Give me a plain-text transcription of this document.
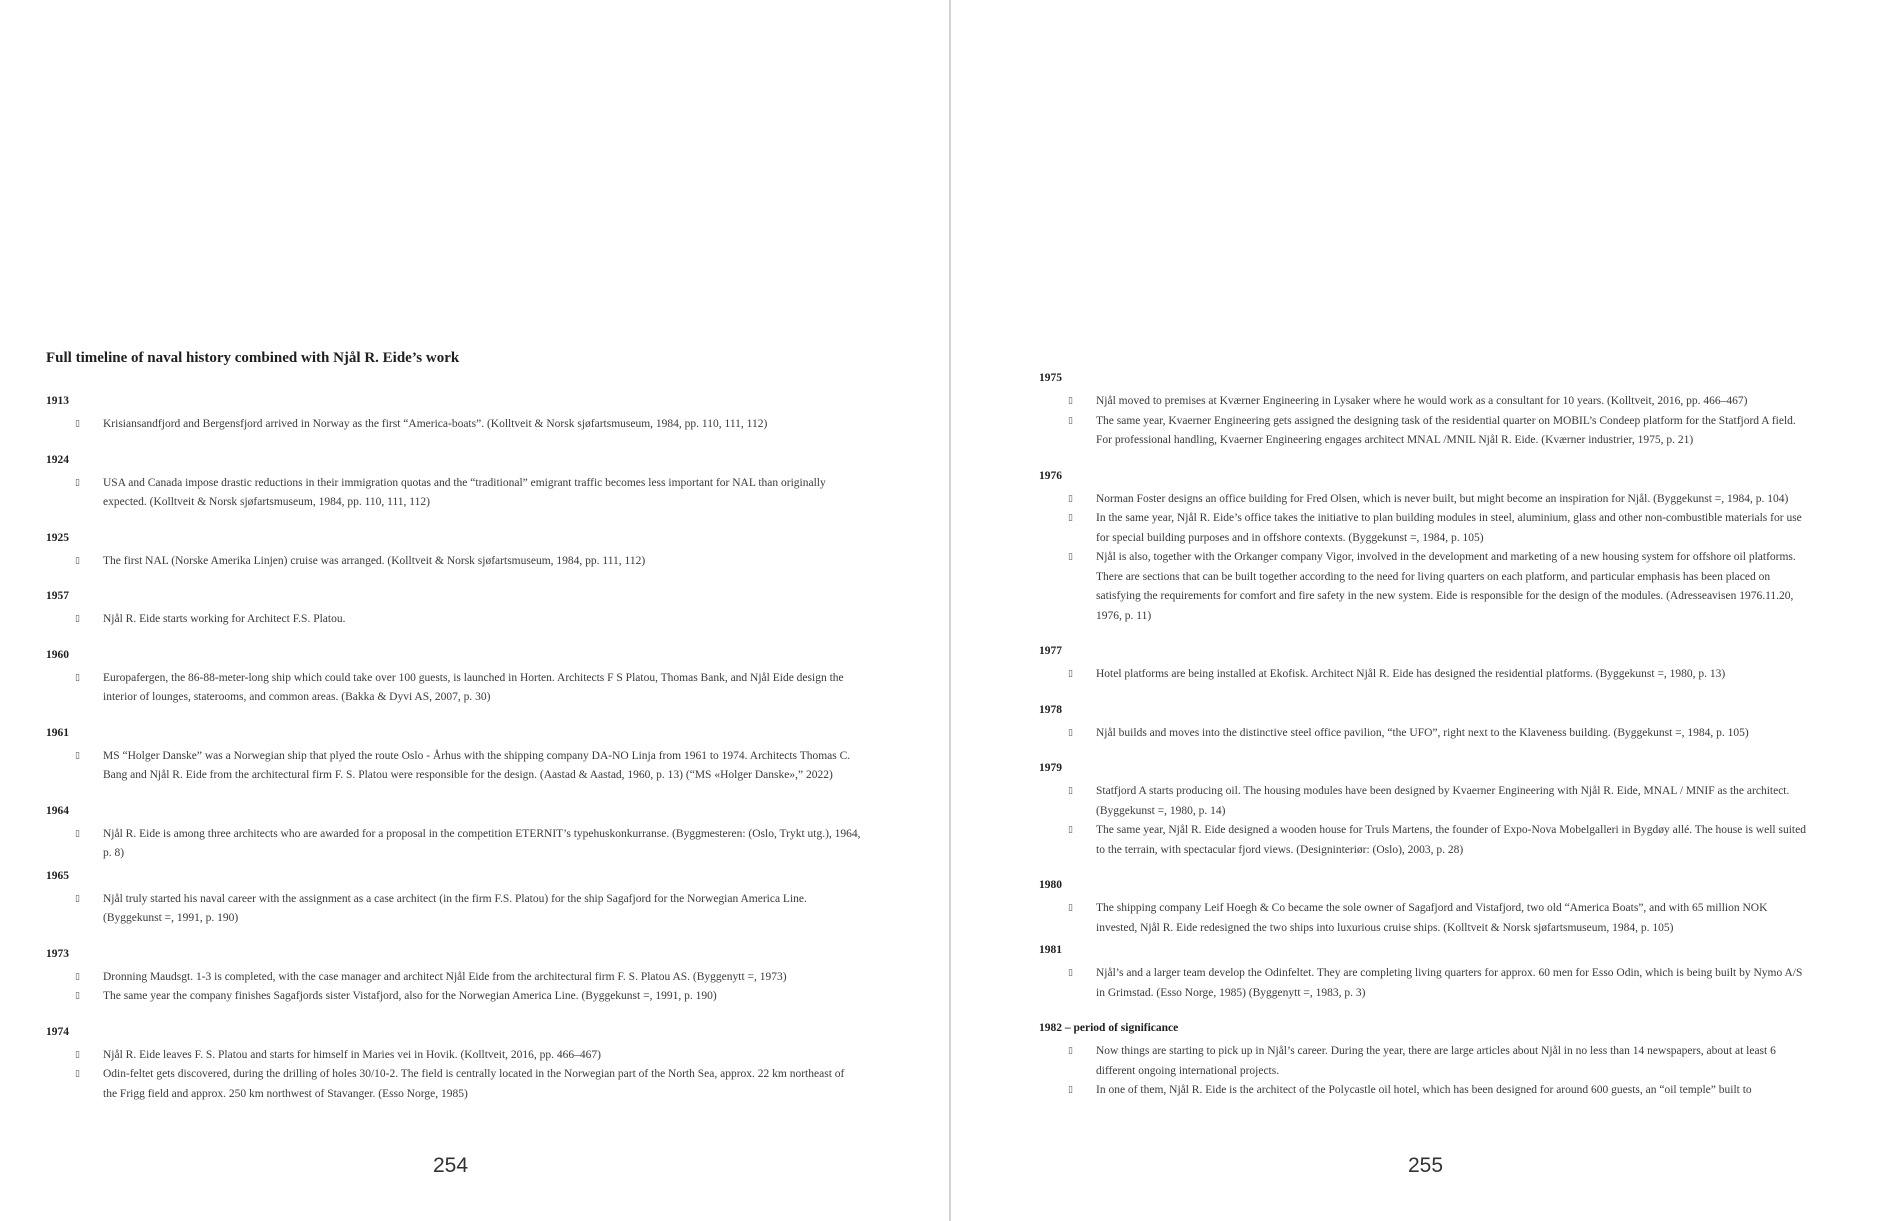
Full timeline of naval history combined with Njål R. Eide’s work
1913
▯	Krisiansandfjord and Bergensfjord arrived in Norway as the first “America-boats”. (Kolltveit & Norsk sjøfartsmuseum, 1984, pp. 110, 111, 112)
1924
▯	USA and Canada impose drastic reductions in their immigration quotas and the “traditional” emigrant traffic becomes less important for NAL than originally expected. (Kolltveit & Norsk sjøfartsmuseum, 1984, pp. 110, 111, 112)
1925
▯	The first NAL (Norske Amerika Linjen) cruise was arranged. (Kolltveit & Norsk sjøfartsmuseum, 1984, pp. 111, 112)
1957
▯	Njål R. Eide starts working for Architect F.S. Platou.
1960
▯	Europafergen, the 86-88-meter-long ship which could take over 100 guests, is launched in Horten. Architects F S Platou, Thomas Bank, and Njål Eide design the interior of lounges, staterooms, and common areas. (Bakka & Dyvi AS, 2007, p. 30)
1961
▯	MS “Holger Danske” was a Norwegian ship that plyed the route Oslo - Århus with the shipping company DA-NO Linja from 1961 to 1974. Architects Thomas C. Bang and Njål R. Eide from the architectural firm F. S. Platou were responsible for the design. (Aastad & Aastad, 1960, p. 13) (“MS «Holger Danske»,” 2022)
1964
▯	Njål R. Eide is among three architects who are awarded for a proposal in the competition ETERNIT’s typehuskonkurranse. (Byggmesteren: (Oslo, Trykt utg.), 1964, p. 8)
1965
▯	Njål truly started his naval career with the assignment as a case architect (in the firm F.S. Platou) for the ship Sagafjord for the Norwegian America Line. (Byggekunst =, 1991, p. 190)
1973
▯	Dronning Maudsgt. 1-3 is completed, with the case manager and architect Njål Eide from the architectural firm F. S. Platou AS. (Byggenytt =, 1973)
▯	The same year the company finishes Sagafjords sister Vistafjord, also for the Norwegian America Line. (Byggekunst =, 1991, p. 190)
1974
▯	Njål R. Eide leaves F. S. Platou and starts for himself in Maries vei in Hovik. (Kolltveit, 2016, pp. 466–467)
▯	Odin-feltet gets discovered, during the drilling of holes 30/10-2. The field is centrally located in the Norwegian part of the North Sea, approx. 22 km northeast of the Frigg field and approx. 250 km northwest of Stavanger. (Esso Norge, 1985)
254
1975
▯	Njål moved to premises at Kværner Engineering in Lysaker where he would work as a consultant for 10 years. (Kolltveit, 2016, pp. 466–467)
▯	The same year, Kvaerner Engineering gets assigned the designing task of the residential quarter on MOBIL’s Condeep platform for the Statfjord A field. For professional handling, Kvaerner Engineering engages architect MNAL /MNIL Njål R. Eide. (Kværner industrier, 1975, p. 21)
1976
▯	Norman Foster designs an office building for Fred Olsen, which is never built, but might become an inspiration for Njål. (Byggekunst =, 1984, p. 104)
▯	In the same year, Njål R. Eide’s office takes the initiative to plan building modules in steel, aluminium, glass and other non-combustible materials for use for special building purposes and in offshore contexts. (Byggekunst =, 1984, p. 105)
▯	Njål is also, together with the Orkanger company Vigor, involved in the development and marketing of a new housing system for offshore oil platforms. There are sections that can be built together according to the need for living quarters on each platform, and particular emphasis has been placed on satisfying the requirements for comfort and fire safety in the new system. Eide is responsible for the design of the modules. (Adresseavisen 1976.11.20, 1976, p. 11)
1977
▯	Hotel platforms are being installed at Ekofisk. Architect Njål R. Eide has designed the residential platforms. (Byggekunst =, 1980, p. 13)
1978
▯	Njål builds and moves into the distinctive steel office pavilion, “the UFO”, right next to the Klaveness building. (Byggekunst =, 1984, p. 105)
1979
▯	Statfjord A starts producing oil. The housing modules have been designed by Kvaerner Engineering with Njål R. Eide, MNAL / MNIF as the architect. (Byggekunst =, 1980, p. 14)
▯	The same year, Njål R. Eide designed a wooden house for Truls Martens, the founder of Expo-Nova Mobelgalleri in Bygdøy allé. The house is well suited to the terrain, with spectacular fjord views. (Designinteriør: (Oslo), 2003, p. 28)
1980
▯	The shipping company Leif Hoegh & Co became the sole owner of Sagafjord and Vistafjord, two old “America Boats”, and with 65 million NOK invested, Njål R. Eide redesigned the two ships into luxurious cruise ships. (Kolltveit & Norsk sjøfartsmuseum, 1984, p. 105)
1981
▯	Njål’s and a larger team develop the Odinfeltet. They are completing living quarters for approx. 60 men for Esso Odin, which is being built by Nymo A/S in Grimstad. (Esso Norge, 1985) (Byggenytt =, 1983, p. 3)
1982 – period of significance
▯	Now things are starting to pick up in Njål’s career. During the year, there are large articles about Njål in no less than 14 newspapers, about at least 6 different ongoing international projects.
▯	In one of them, Njål R. Eide is the architect of the Polycastle oil hotel, which has been designed for around 600 guests, an “oil temple” built to
255
